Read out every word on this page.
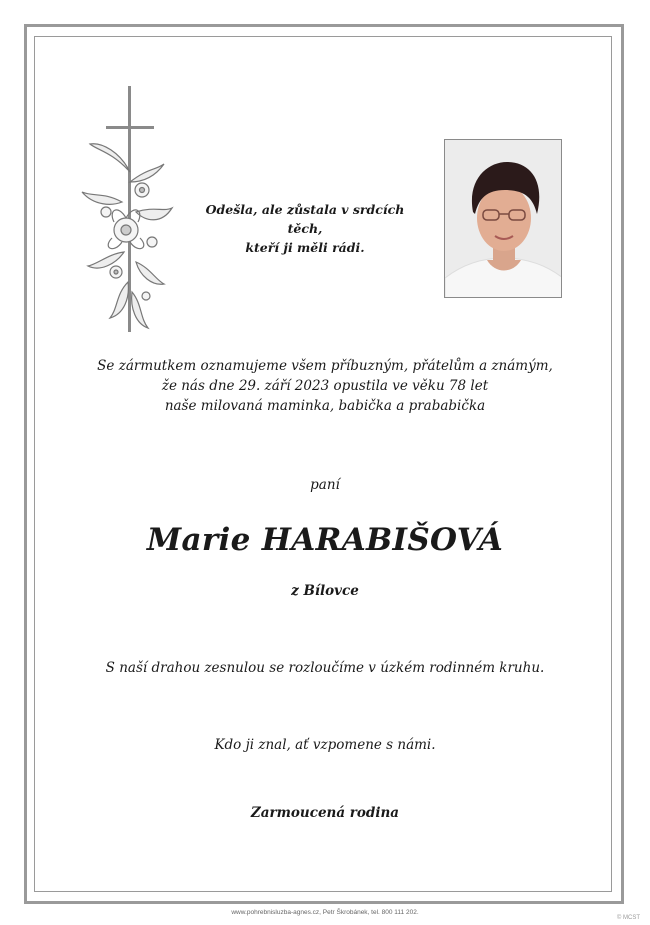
Odešla, ale zůstala v srdcích těch,
kteří ji měli rádi.
Se zármutkem oznamujeme všem příbuzným, přátelům a známým,
že nás dne 29. září 2023 opustila ve věku 78 let
naše milovaná maminka, babička a prababička
paní
Marie HARABIŠOVÁ
z Bílovce
S naší drahou zesnulou se rozloučíme v úzkém rodinném kruhu.
Kdo ji znal, ať vzpomene s námi.
Zarmoucená rodina
www.pohrebnisluzba-agnes.cz, Petr Škrobánek, tel. 800 111 202.
© MCST
